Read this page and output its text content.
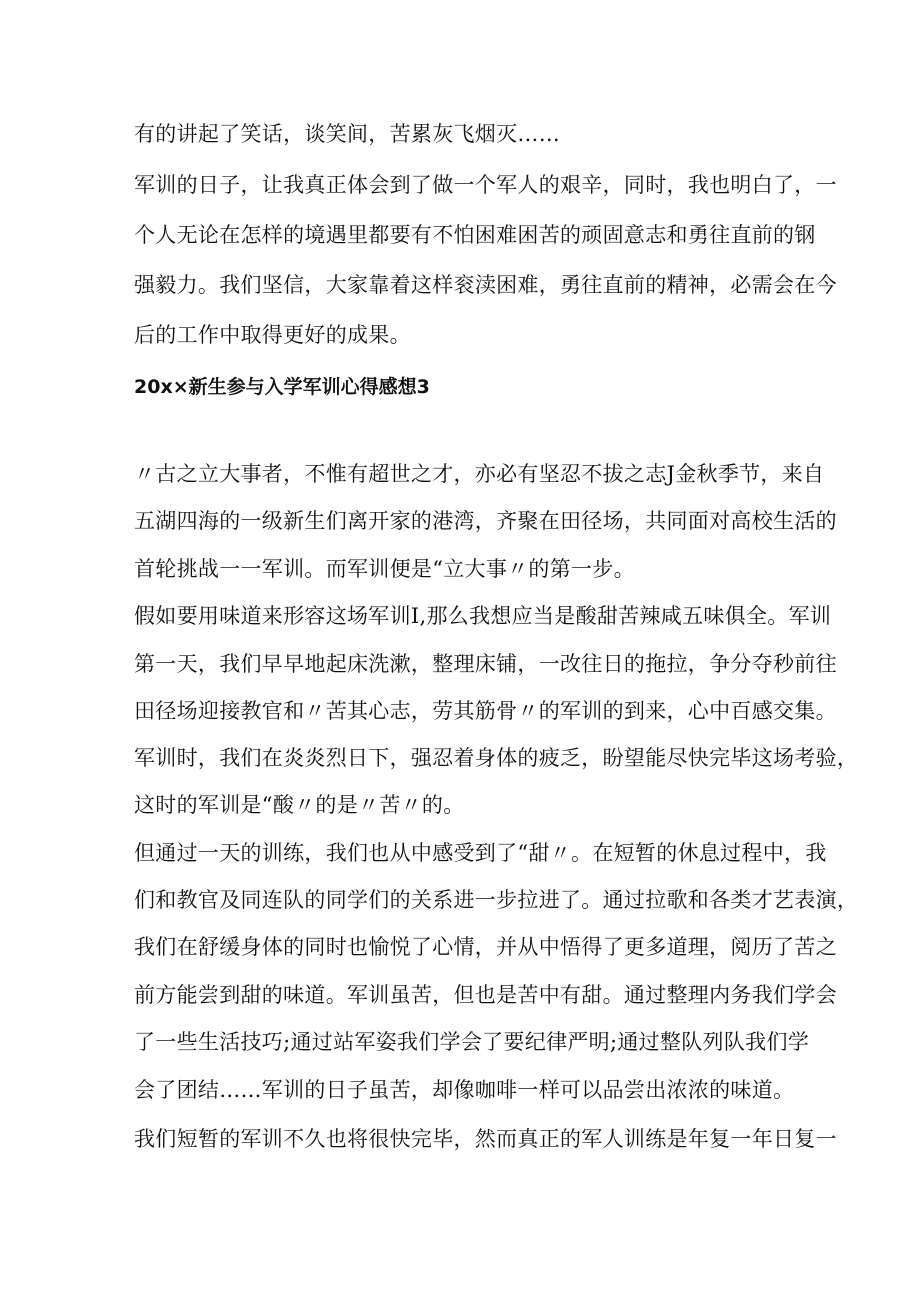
有的讲起了笑话，谈笑间，苦累灰飞烟灭……
军训的日子，让我真正体会到了做一个军人的艰辛，同时，我也明白了，一
个人无论在怎样的境遇里都要有不怕困难困苦的顽固意志和勇往直前的钢
强毅力。我们坚信，大家靠着这样衮渎困难，勇往直前的精神，必需会在今
后的工作中取得更好的成果。
20x×新生参与入学军训心得感想3
〃古之立大事者，不惟有超世之才，亦必有坚忍不拔之志J金秋季节，来自
五湖四海的一级新生们离开家的港湾，齐聚在田径场，共同面对高校生活的
首轮挑战一一军训。而军训便是“立大事〃的第一步。
假如要用味道来形容这场军训I,那么我想应当是酸甜苦辣咸五味俱全。军训
第一天，我们早早地起床洗漱，整理床铺，一改往日的拖拉，争分夺秒前往
田径场迎接教官和〃苦其心志，劳其筋骨〃的军训的到来，心中百感交集。
军训时，我们在炎炎烈日下，强忍着身体的疲乏，盼望能尽快完毕这场考验，
这时的军训是“酸〃的是〃苦〃的。
但通过一天的训练，我们也从中感受到了“甜〃。在短暂的休息过程中，我
们和教官及同连队的同学们的关系进一步拉进了。通过拉歌和各类才艺表演，
我们在舒缓身体的同时也愉悦了心情，并从中悟得了更多道理，阅历了苦之
前方能尝到甜的味道。军训虽苦，但也是苦中有甜。通过整理内务我们学会
了一些生活技巧;通过站军姿我们学会了要纪律严明;通过整队列队我们学
会了团结……军训的日子虽苦，却像咖啡一样可以品尝出浓浓的味道。
我们短暂的军训不久也将很快完毕，然而真正的军人训练是年复一年日复一
